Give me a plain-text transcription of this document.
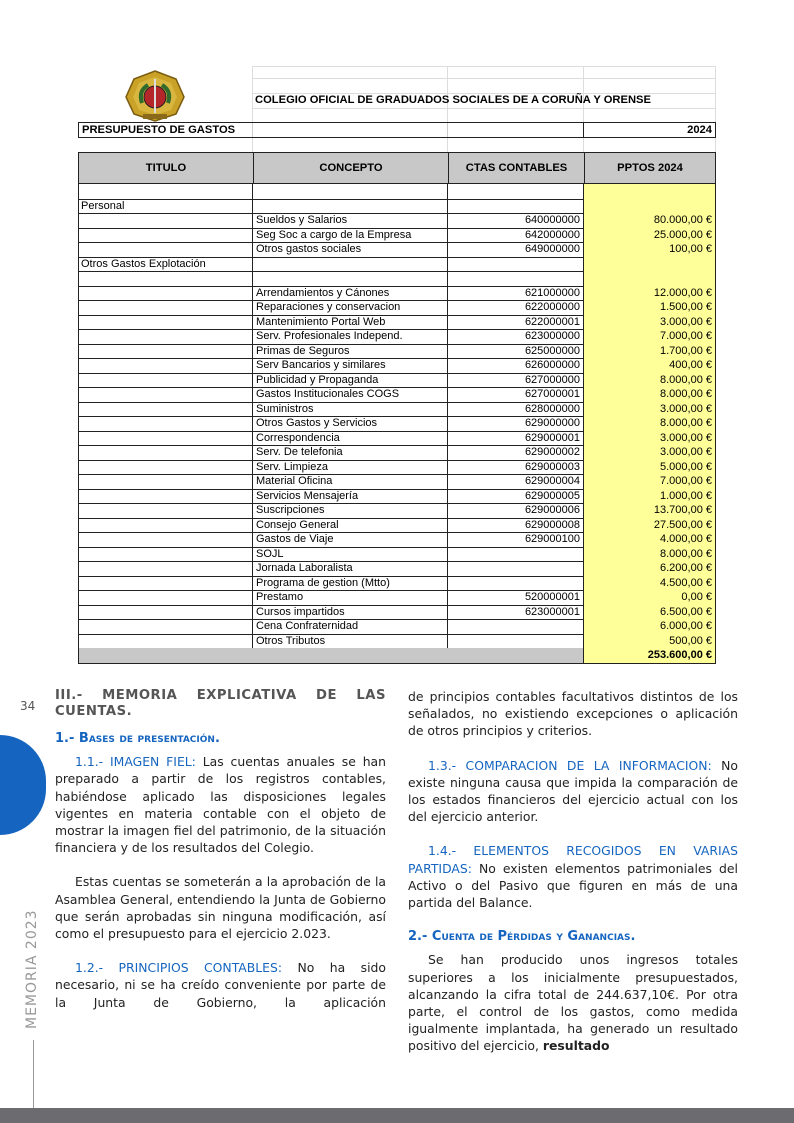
COLEGIO OFICIAL DE GRADUADOS SOCIALES DE A CORUÑA Y ORENSE
PRESUPUESTO DE GASTOS	2024
TITULO	CONCEPTO	CTAS CONTABLES	PPTOS 2024
Personal
Sueldos y Salarios	640000000	80.000,00 €
Seg Soc a cargo de la Empresa	642000000	25.000,00 €
Otros gastos sociales	649000000	100,00 €
Otros Gastos Explotación
Arrendamientos y Cánones	621000000	12.000,00 €
Reparaciones y conservacion	622000000	1.500,00 €
Mantenimiento Portal Web	622000001	3.000,00 €
Serv. Profesionales Independ.	623000000	7.000,00 €
Primas de Seguros	625000000	1.700,00 €
Serv Bancarios y similares	626000000	400,00 €
Publicidad y Propaganda	627000000	8.000,00 €
Gastos Institucionales COGS	627000001	8.000,00 €
Suministros	628000000	3.000,00 €
Otros Gastos y Servicios	629000000	8.000,00 €
Correspondencia	629000001	3.000,00 €
Serv. De telefonia	629000002	3.000,00 €
Serv. Limpieza	629000003	5.000,00 €
Material Oficina	629000004	7.000,00 €
Servicios Mensajería	629000005	1.000,00 €
Suscripciones	629000006	13.700,00 €
Consejo General	629000008	27.500,00 €
Gastos de Viaje	629000100	4.000,00 €
SOJL	8.000,00 €
Jornada Laboralista	6.200,00 €
Programa de gestion (Mtto)	4.500,00 €
Prestamo	520000001	0,00 €
Cursos impartidos	623000001	6.500,00 €
Cena Confraternidad	6.000,00 €
Otros Tributos	500,00 €
253.600,00 €
34
MEMORIA 2023
III.- MEMORIA EXPLICATIVA DE LAS CUENTAS.
1.- Bases de presentación.

1.1.- IMAGEN FIEL: Las cuentas anuales se han preparado a partir de los registros contables, habiéndose aplicado las disposiciones legales vigentes en materia contable con el objeto de mostrar la imagen fiel del patrimonio, de la situación financiera y de los resultados del Colegio.

Estas cuentas se someterán a la aprobación de la Asamblea General, entendiendo la Junta de Gobierno que serán aprobadas sin ninguna modificación, así como el presupuesto para el ejercicio 2.023.

1.2.- PRINCIPIOS CONTABLES: No ha sido necesario, ni se ha creído conveniente por parte de la Junta de Gobierno, la aplicación

de principios contables facultativos distintos de los señalados, no existiendo excepciones o aplicación de otros principios y criterios.

1.3.- COMPARACION DE LA INFORMACION: No existe ninguna causa que impida la comparación de los estados financieros del ejercicio actual con los del ejercicio anterior.

1.4.- ELEMENTOS RECOGIDOS EN VARIAS PARTIDAS: No existen elementos patrimoniales del Activo o del Pasivo que figuren en más de una partida del Balance.

2.- Cuenta de Pérdidas y Ganancias.

Se han producido unos ingresos totales superiores a los inicialmente presupuestados, alcanzando la cifra total de 244.637,10€. Por otra parte, el control de los gastos, como medida igualmente implantada, ha generado un resultado positivo del ejercicio, resultado
